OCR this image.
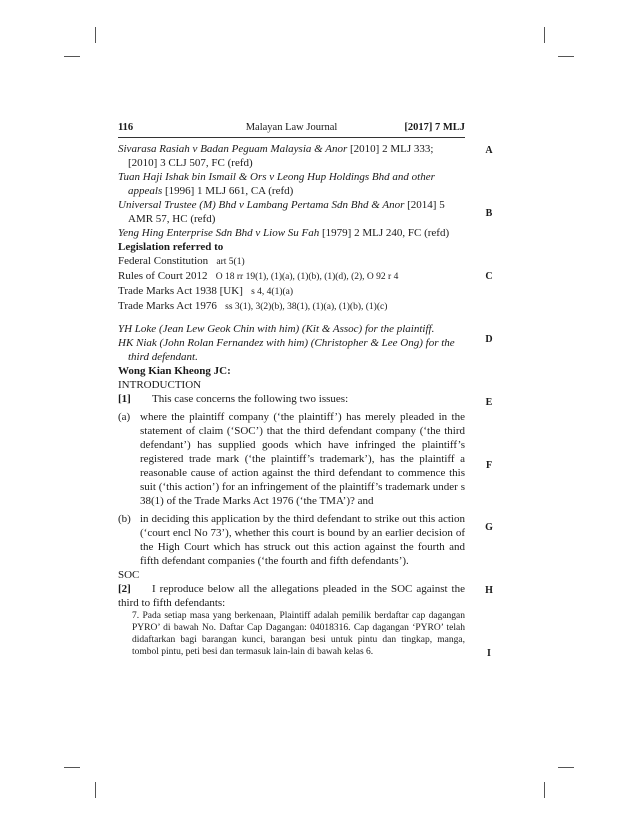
116	Malayan Law Journal	[2017] 7 MLJ

Sivarasa Rasiah v Badan Peguam Malaysia & Anor [2010] 2 MLJ 333; [2010] 3 CLJ 507, FC (refd)

Tuan Haji Ishak bin Ismail & Ors v Leong Hup Holdings Bhd and other appeals [1996] 1 MLJ 661, CA (refd)

Universal Trustee (M) Bhd v Lambang Pertama Sdn Bhd & Anor [2014] 5 AMR 57, HC (refd)

Yeng Hing Enterprise Sdn Bhd v Liow Su Fah [1979] 2 MLJ 240, FC (refd)

Legislation referred to

Federal Constitution art 5(1)

Rules of Court 2012 O 18 rr 19(1), (1)(a), (1)(b), (1)(d), (2), O 92 r 4

Trade Marks Act 1938 [UK] s 4, 4(1)(a)

Trade Marks Act 1976 ss 3(1), 3(2)(b), 38(1), (1)(a), (1)(b), (1)(c)

YH Loke (Jean Lew Geok Chin with him) (Kit & Assoc) for the plaintiff.

HK Niak (John Rolan Fernandez with him) (Christopher & Lee Ong) for the third defendant.

Wong Kian Kheong JC:

INTRODUCTION

[1] This case concerns the following two issues:

(a) where the plaintiff company (‘the plaintiff’) has merely pleaded in the statement of claim (‘SOC’) that the third defendant company (‘the third defendant’) has supplied goods which have infringed the plaintiff’s registered trade mark (‘the plaintiff’s trademark’), has the plaintiff a reasonable cause of action against the third defendant to commence this suit (‘this action’) for an infringement of the plaintiff’s trademark under s 38(1) of the Trade Marks Act 1976 (‘the TMA’)? and
(b) in deciding this application by the third defendant to strike out this action (‘court encl No 73’), whether this court is bound by an earlier decision of the High Court which has struck out this action against the fourth and fifth defendant companies (‘the fourth and fifth defendants’).

SOC

[2] I reproduce below all the allegations pleaded in the SOC against the third to fifth defendants:

7. Pada setiap masa yang berkenaan, Plaintiff adalah pemilik berdaftar cap dagangan PYRO’ di bawah No. Daftar Cap Dagangan: 04018316. Cap dagangan ‘PYRO’ telah didaftarkan bagi barangan kunci, barangan besi untuk pintu dan tingkap, manga, tombol pintu, peti besi dan termasuk lain-lain di bawah kelas 6.

A
B
C
D
E
F
G
H
I
